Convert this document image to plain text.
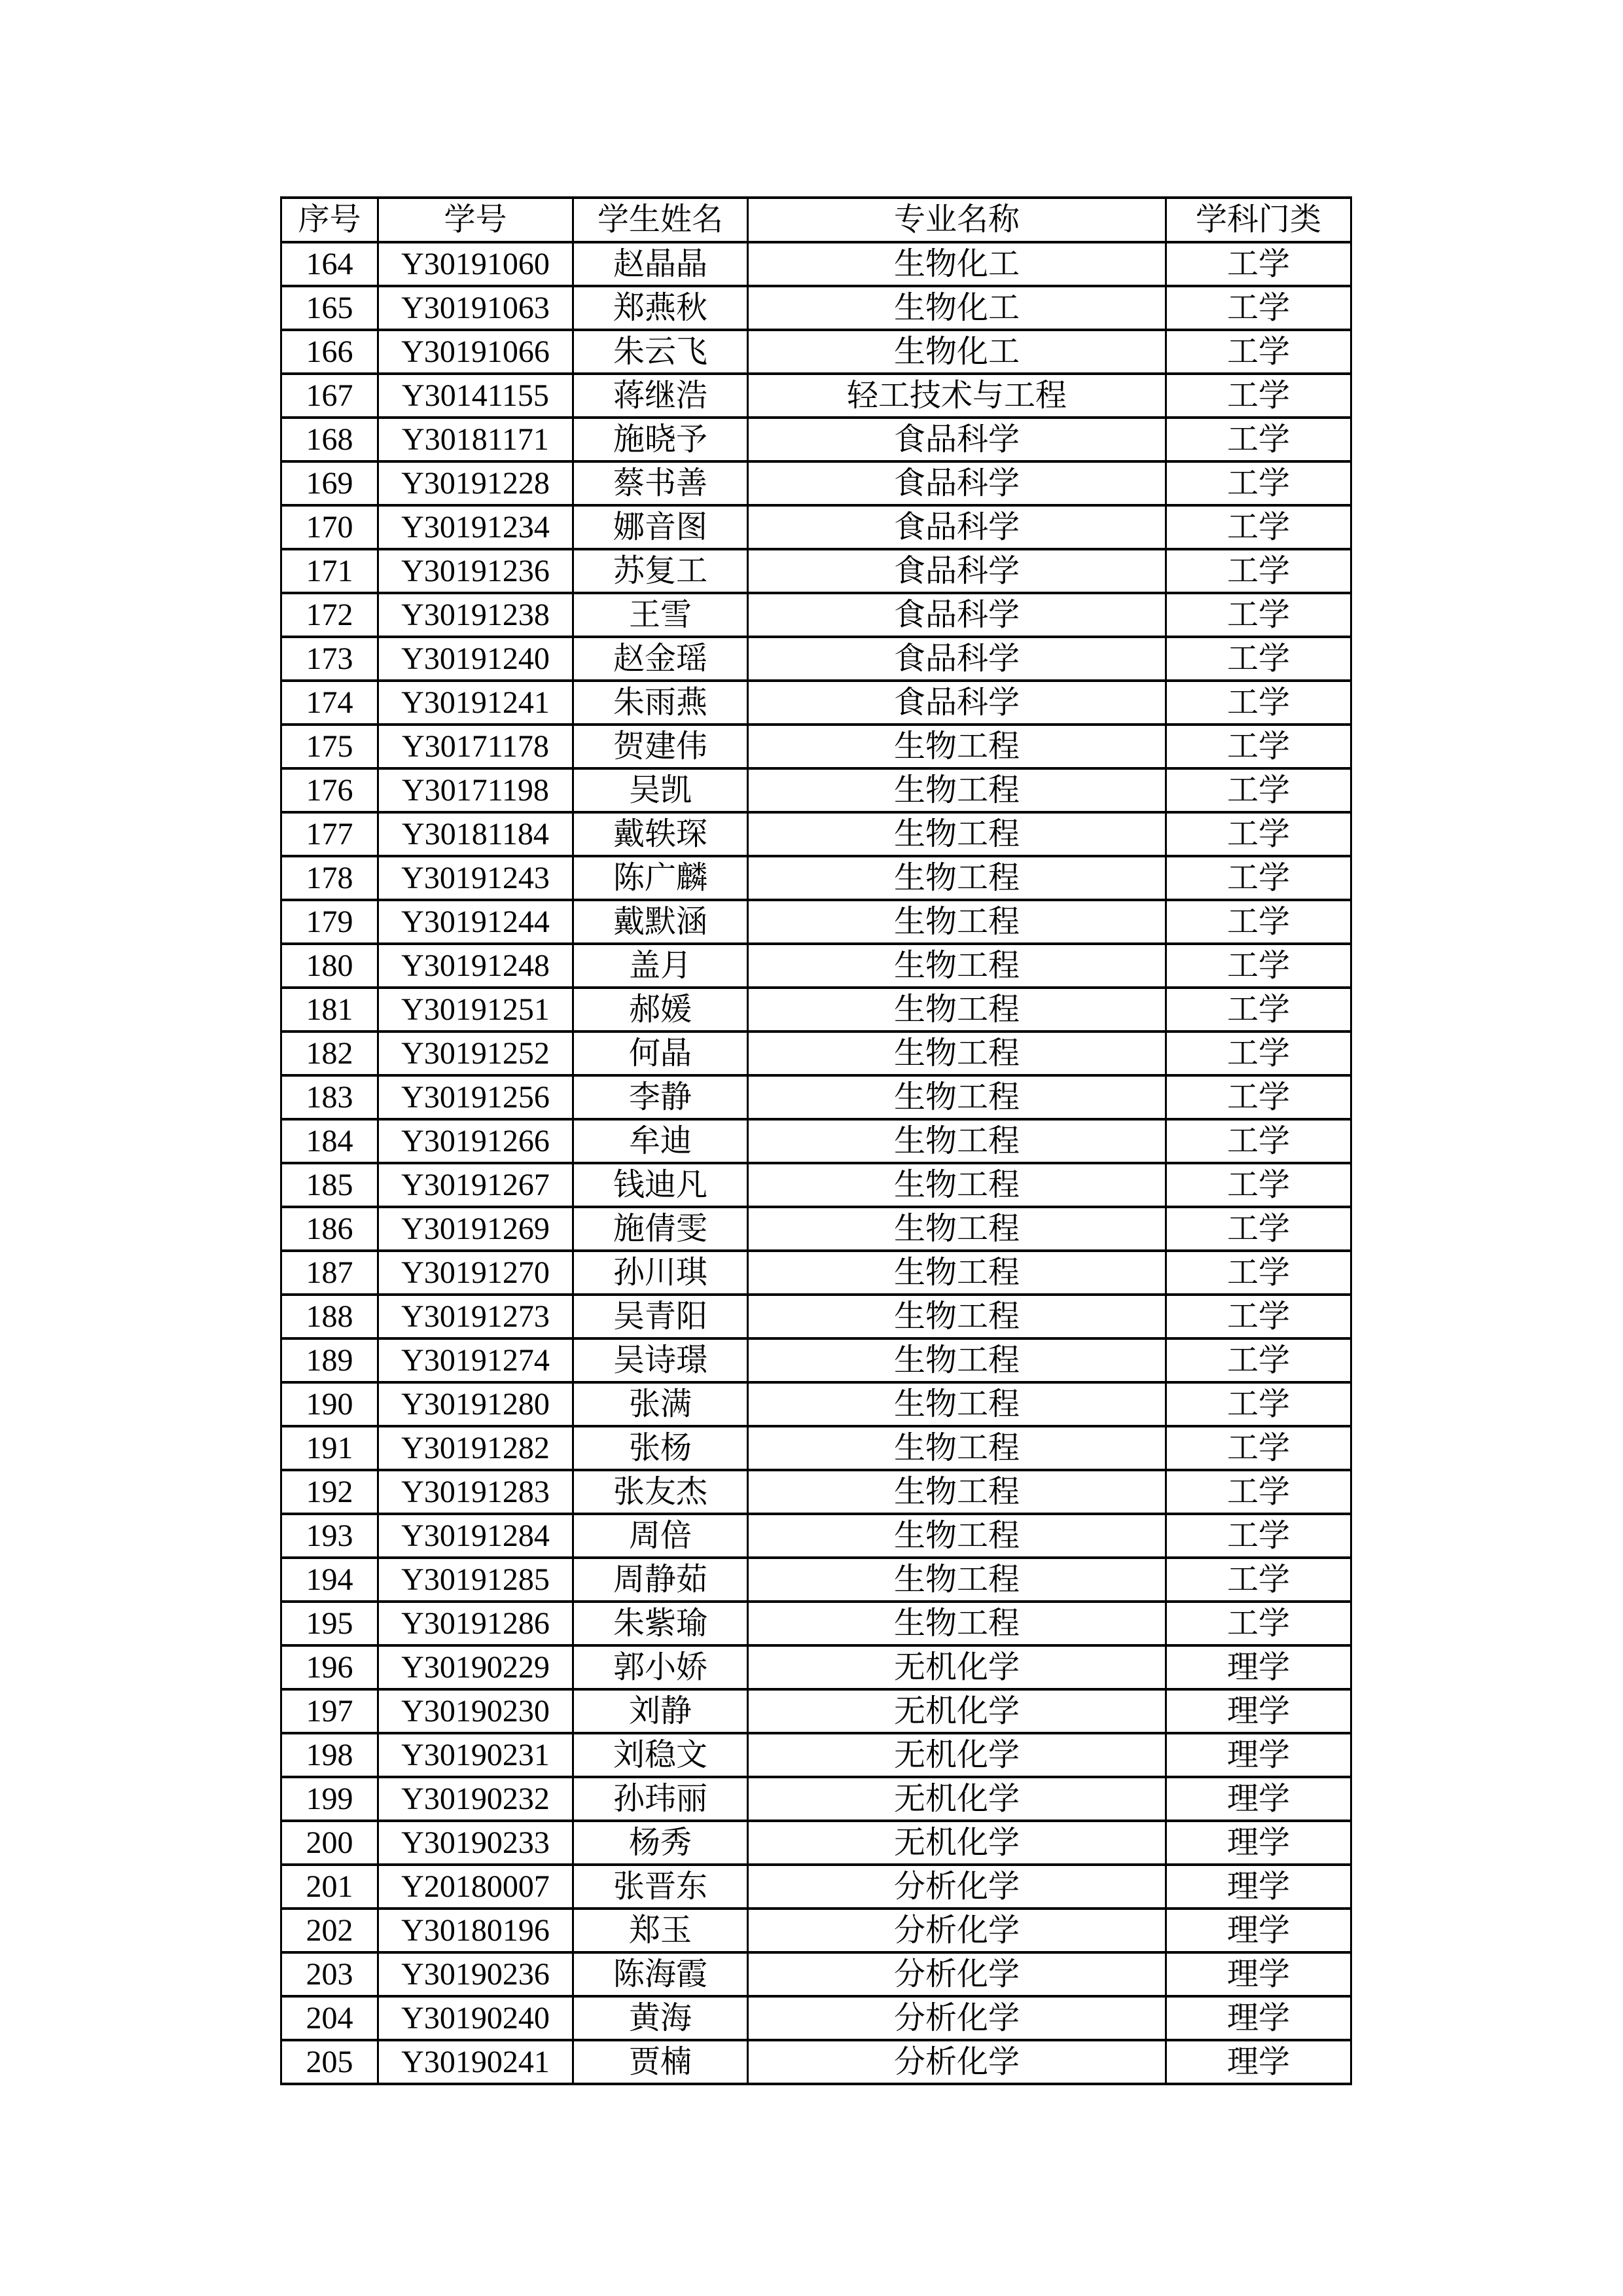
序号	学号	学生姓名	专业名称	学科门类
164	Y30191060	赵晶晶	生物化工	工学
165	Y30191063	郑燕秋	生物化工	工学
166	Y30191066	朱云飞	生物化工	工学
167	Y30141155	蒋继浩	轻工技术与工程	工学
168	Y30181171	施晓予	食品科学	工学
169	Y30191228	蔡书善	食品科学	工学
170	Y30191234	娜音图	食品科学	工学
171	Y30191236	苏复工	食品科学	工学
172	Y30191238	王雪	食品科学	工学
173	Y30191240	赵金瑶	食品科学	工学
174	Y30191241	朱雨燕	食品科学	工学
175	Y30171178	贺建伟	生物工程	工学
176	Y30171198	吴凯	生物工程	工学
177	Y30181184	戴轶琛	生物工程	工学
178	Y30191243	陈广麟	生物工程	工学
179	Y30191244	戴默涵	生物工程	工学
180	Y30191248	盖月	生物工程	工学
181	Y30191251	郝媛	生物工程	工学
182	Y30191252	何晶	生物工程	工学
183	Y30191256	李静	生物工程	工学
184	Y30191266	牟迪	生物工程	工学
185	Y30191267	钱迪凡	生物工程	工学
186	Y30191269	施倩雯	生物工程	工学
187	Y30191270	孙川琪	生物工程	工学
188	Y30191273	吴青阳	生物工程	工学
189	Y30191274	吴诗璟	生物工程	工学
190	Y30191280	张满	生物工程	工学
191	Y30191282	张杨	生物工程	工学
192	Y30191283	张友杰	生物工程	工学
193	Y30191284	周倍	生物工程	工学
194	Y30191285	周静茹	生物工程	工学
195	Y30191286	朱紫瑜	生物工程	工学
196	Y30190229	郭小娇	无机化学	理学
197	Y30190230	刘静	无机化学	理学
198	Y30190231	刘稳文	无机化学	理学
199	Y30190232	孙玮丽	无机化学	理学
200	Y30190233	杨秀	无机化学	理学
201	Y20180007	张晋东	分析化学	理学
202	Y30180196	郑玉	分析化学	理学
203	Y30190236	陈海霞	分析化学	理学
204	Y30190240	黄海	分析化学	理学
205	Y30190241	贾楠	分析化学	理学
